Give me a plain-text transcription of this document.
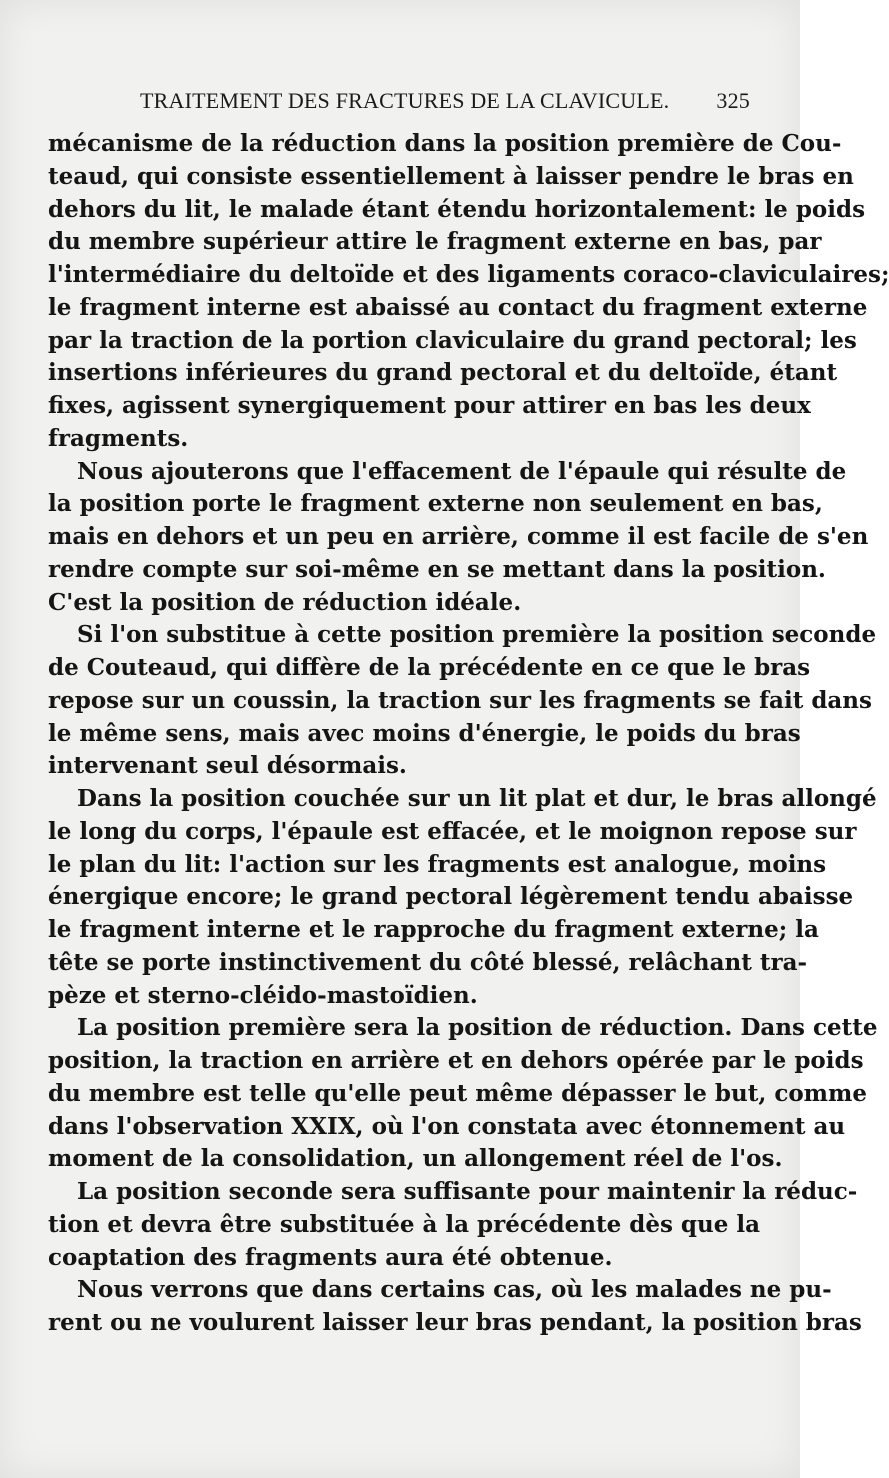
TRAITEMENT DES FRACTURES DE LA CLAVICULE. 325
mécanisme de la réduction dans la position première de Cou-
teaud, qui consiste essentiellement à laisser pendre le bras en
dehors du lit, le malade étant étendu horizontalement: le poids
du membre supérieur attire le fragment externe en bas, par
l'intermédiaire du deltoïde et des ligaments coraco-claviculaires;
le fragment interne est abaissé au contact du fragment externe
par la traction de la portion claviculaire du grand pectoral; les
insertions inférieures du grand pectoral et du deltoïde, étant
fixes, agissent synergiquement pour attirer en bas les deux
fragments.
Nous ajouterons que l'effacement de l'épaule qui résulte de
la position porte le fragment externe non seulement en bas,
mais en dehors et un peu en arrière, comme il est facile de s'en
rendre compte sur soi-même en se mettant dans la position.
C'est la position de réduction idéale.
Si l'on substitue à cette position première la position seconde
de Couteaud, qui diffère de la précédente en ce que le bras
repose sur un coussin, la traction sur les fragments se fait dans
le même sens, mais avec moins d'énergie, le poids du bras
intervenant seul désormais.
Dans la position couchée sur un lit plat et dur, le bras allongé
le long du corps, l'épaule est effacée, et le moignon repose sur
le plan du lit: l'action sur les fragments est analogue, moins
énergique encore; le grand pectoral légèrement tendu abaisse
le fragment interne et le rapproche du fragment externe; la
tête se porte instinctivement du côté blessé, relâchant tra-
pèze et sterno-cléido-mastoïdien.
La position première sera la position de réduction. Dans cette
position, la traction en arrière et en dehors opérée par le poids
du membre est telle qu'elle peut même dépasser le but, comme
dans l'observation XXIX, où l'on constata avec étonnement au
moment de la consolidation, un allongement réel de l'os.
La position seconde sera suffisante pour maintenir la réduc-
tion et devra être substituée à la précédente dès que la
coaptation des fragments aura été obtenue.
Nous verrons que dans certains cas, où les malades ne pu-
rent ou ne voulurent laisser leur bras pendant, la position bras
